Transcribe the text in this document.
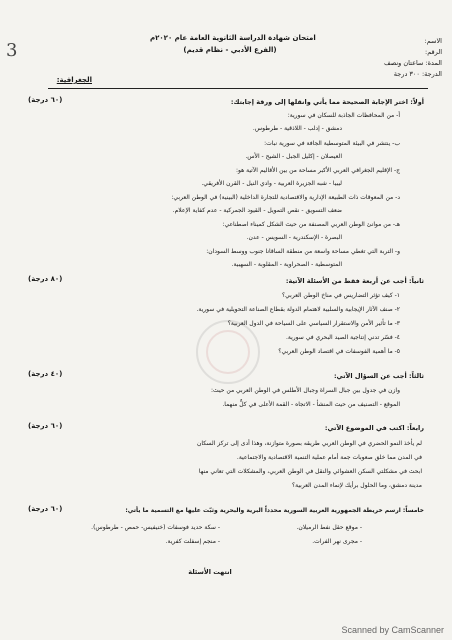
3	الاسم:
الرقم:
المدة: ساعتان ونصف
الدرجة: ٣٠٠ درجة
امتحان شهادة الدراسة الثانوية العامة عام ٢٠٢٠م
(الفرع الأدبي - نظام قديم)
الجغرافية:
أولاً: اختر الإجابة الصحيحة مما يأتي وانقلها إلى ورقة إجابتك:
(٦٠ درجة)
أ- من المحافظات الجاذبة للسكان في سورية:
دمشق - إدلب - اللاذقية - طرطوس.
ب- ينتشر في البيئة المتوسطية الجافة في سورية نبات:
العيصلان - إكليل الجبل - الشيح - الأس.
ج- الإقليم الجغرافي العربي الأكبر مساحة من بين الأقاليم الآتية هو:
ليبيا - شبه الجزيرة العربية - وادي النيل - القرن الأفريقي.
د- من المعوقات ذات الطبيعة الإدارية والاقتصادية للتجارة الداخلية (البينية) في الوطن العربي:
ضعف التسويق - نقص التمويل - القيود الجمركية - عدم كفاية الإعلام.
هـ- من موانئ الوطن العربي المصنفة من حيث الشكل كميناء اصطناعي:
البصرة - الإسكندرية - السويس - عدن.
و- التربة التي تغطي مساحة واسعة من منطقة الساقانا جنوب ووسط السودان:
المتوسطية - الصحراوية - المقلوبة - السهبية.
ثانياً: أجب عن أربعة فقط من الأسئلة الآتية:
(٨٠ درجة)
١- كيف تؤثر التضاريس في مناخ الوطن العربي؟
٢- صنف الآثار الإيجابية والسلبية لاهتمام الدولة بقطاع الصناعة التحويلية في سورية.
٣- ما تأثير الأمن والاستقرار السياسي على السياحة في الدول العربية؟
٤- فسّر تدني إنتاجية الصيد البحري في سورية.
٥- ما أهمية الفوسفات في اقتصاد الوطن العربي؟
ثالثاً: أجب عن السؤال الآتي:
(٤٠ درجة)
وازن في جدول بين جبال السراة وجبال الأطلس في الوطن العربي من حيث:
الموقع - التصنيف من حيث المنشأ - الاتجاه - القمة الأعلى في كلٍّ منهما.
رابعاً: اكتب في الموضوع الآتي:
(٦٠ درجة)
لم يأخذ النمو الحضري في الوطن العربي طريقه بصورة متوازنة، وهذا أدى إلى تركز السكان
في المدن مما خلق صعوبات جمة أمام عملية التنمية الاقتصادية والاجتماعية.
ابحث في مشكلتي السكن العشوائي والنقل في الوطن العربي، والمشكلات التي تعاني منها
مدينة دمشق، وما الحلول برأيك لإنماء المدن العربية؟
خامساً: ارسم خريطة الجمهورية العربية السورية محدداً البرية والبحرية وثبّت عليها مع التسمية ما يأتي:
(٦٠ درجة)
- موقع حقل نفط الرميلان.
- سكة حديد فوسفات (خنيفيس- حمص - طرطوس).
- مجرى نهر الفرات.
- منجم إسفلت كفرية.
انتهت الأسئلة
Scanned by CamScanner
